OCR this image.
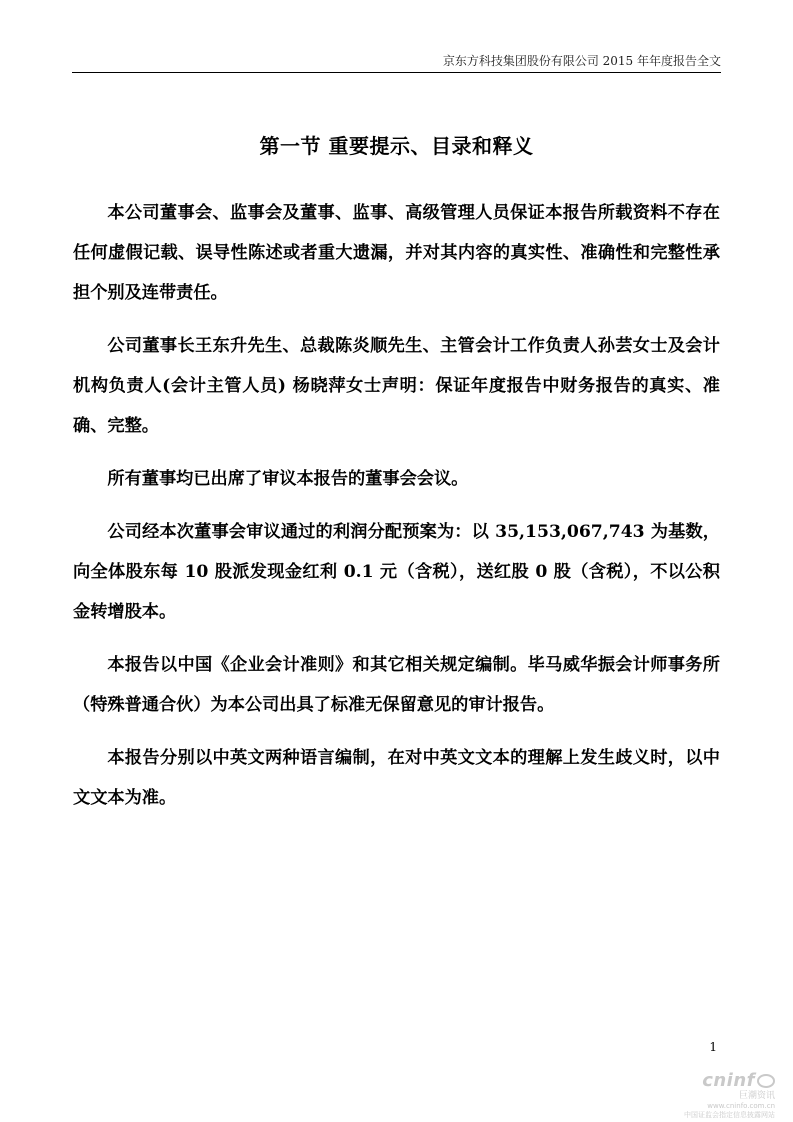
京东方科技集团股份有限公司 2015 年年度报告全文
第一节 重要提示、目录和释义

本公司董事会、监事会及董事、监事、高级管理人员保证本报告所载资料不存在任何虚假记载、误导性陈述或者重大遗漏，并对其内容的真实性、准确性和完整性承担个别及连带责任。

公司董事长王东升先生、总裁陈炎顺先生、主管会计工作负责人孙芸女士及会计机构负责人(会计主管人员) 杨晓萍女士声明：保证年度报告中财务报告的真实、准确、完整。

所有董事均已出席了审议本报告的董事会会议。

公司经本次董事会审议通过的利润分配预案为：以 35,153,067,743 为基数，向全体股东每 10 股派发现金红利 0.1 元（含税），送红股 0 股（含税），不以公积金转增股本。

本报告以中国《企业会计准则》和其它相关规定编制。毕马威华振会计师事务所（特殊普通合伙）为本公司出具了标准无保留意见的审计报告。

本报告分别以中英文两种语言编制，在对中英文文本的理解上发生歧义时，以中文文本为准。

1
cninf
巨潮资讯
www.cninfo.com.cn
中国证监会指定信息披露网站
